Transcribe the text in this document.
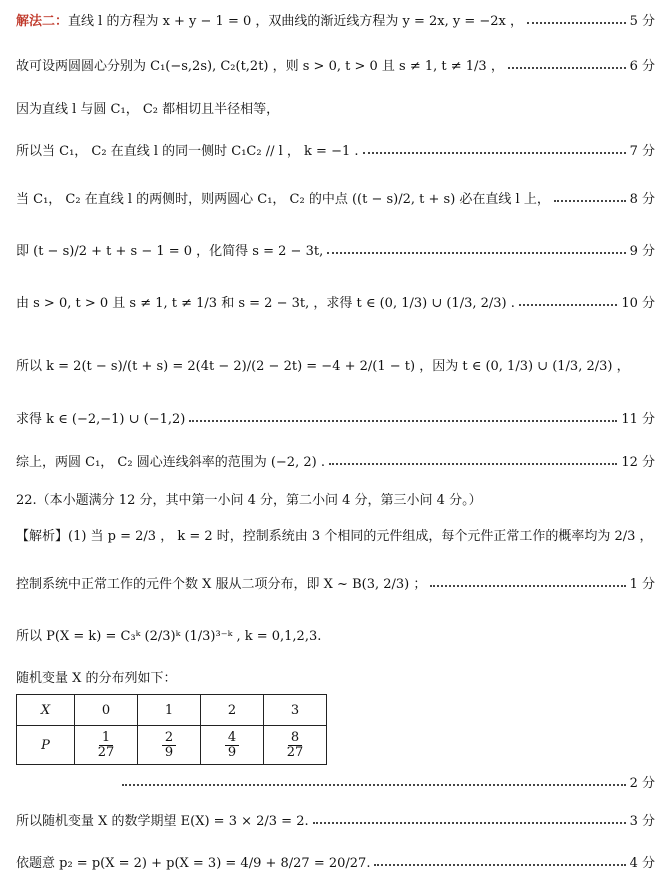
解法二： 直线 l 的方程为 x + y − 1 = 0 ，双曲线的渐近线方程为 y = 2x, y = −2x ，	5 分
故可设两圆圆心分别为 C₁(−s,2s), C₂(t,2t) ，则 s > 0, t > 0 且 s ≠ 1, t ≠ 1/3 ，	6 分
因为直线 l 与圆 C₁， C₂ 都相切且半径相等，
所以当 C₁， C₂ 在直线 l 的同一侧时 C₁C₂ // l ， k = −1 .	7 分
当 C₁， C₂ 在直线 l 的两侧时，则两圆心 C₁， C₂ 的中点 ((t − s)/2, t + s) 必在直线 l 上，	8 分
即 (t − s)/2 + t + s − 1 = 0 ，化简得 s = 2 − 3t,	9 分
由 s > 0, t > 0 且 s ≠ 1, t ≠ 1/3 和 s = 2 − 3t, ，求得 t ∈ (0, 1/3) ∪ (1/3, 2/3) .	10 分
所以 k = 2(t − s)/(t + s) = 2(4t − 2)/(2 − 2t) = −4 + 2/(1 − t) ，因为 t ∈ (0, 1/3) ∪ (1/3, 2/3) ，
求得 k ∈ (−2,−1) ∪ (−1,2)	11 分
综上，两圆 C₁， C₂ 圆心连线斜率的范围为 (−2, 2) .	12 分
22.（本小题满分 12 分，其中第一小问 4 分，第二小问 4 分，第三小问 4 分。）
【解析】(1) 当 p = 2/3 ， k = 2 时，控制系统由 3 个相同的元件组成，每个元件正常工作的概率均为 2/3 ，
控制系统中正常工作的元件个数 X 服从二项分布，即 X ~ B(3, 2/3) ；	1 分
所以 P(X = k) = C₃ᵏ (2/3)ᵏ (1/3)³⁻ᵏ , k = 0,1,2,3.
随机变量 X 的分布列如下：
X	0	1	2	3
P	$\frac{1}{27}$	$\frac{2}{9}$	$\frac{4}{9}$	$\frac{8}{27}$
2 分
所以随机变量 X 的数学期望 E(X) = 3 × 2/3 = 2.	3 分
依题意 p₂ = p(X = 2) + p(X = 3) = 4/9 + 8/27 = 20/27.	4 分
